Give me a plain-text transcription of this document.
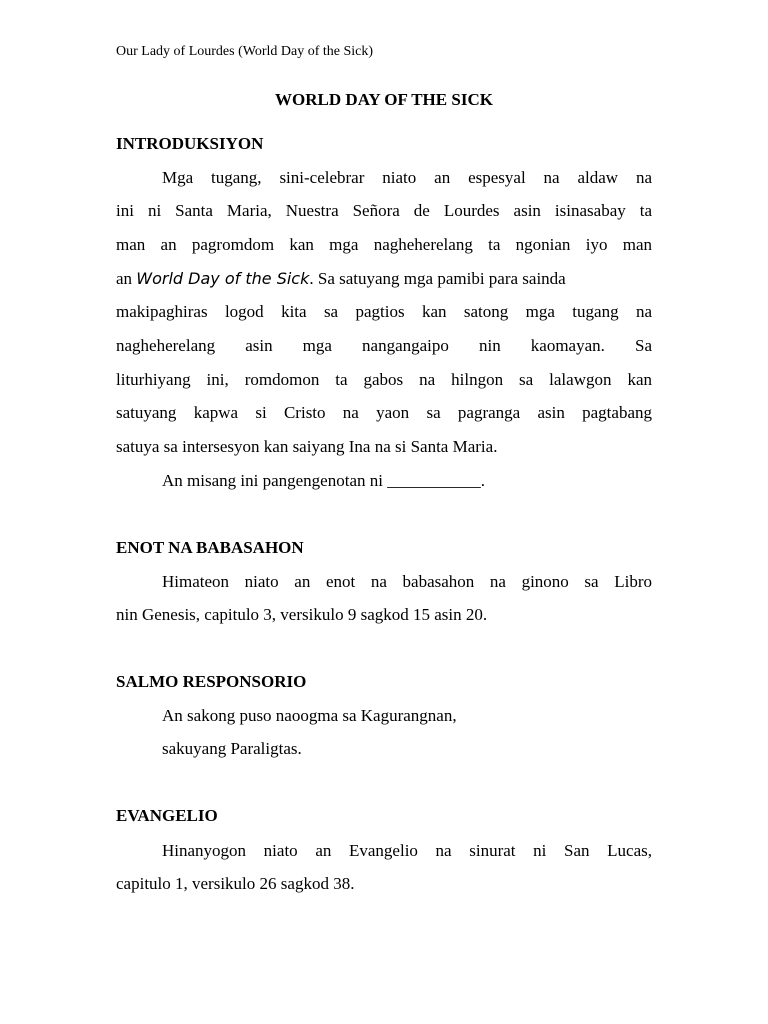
Our Lady of Lourdes (World Day of the Sick)
WORLD DAY OF THE SICK
INTRODUKSIYON
Mga tugang, sini-celebrar niato an espesyal na aldaw na
ini ni Santa Maria, Nuestra Señora de Lourdes asin isinasabay ta
man an pagromdom kan mga nagheherelang ta ngonian iyo man
an World Day of the Sick. Sa satuyang mga pamibi para sainda
makipaghiras logod kita sa pagtios kan satong mga tugang na
nagheherelang asin mga nangangaipo nin kaomayan. Sa
liturhiyang ini, romdomon ta gabos na hilngon sa lalawgon kan
satuyang kapwa si Cristo na yaon sa pagranga asin pagtabang
satuya sa intersesyon kan saiyang Ina na si Santa Maria.
An misang ini pangengenotan ni ___________.
ENOT NA BABASAHON
Himateon niato an enot na babasahon na ginono sa Libro
nin Genesis, capitulo 3, versikulo 9 sagkod 15 asin 20.
SALMO RESPONSORIO
An sakong puso naoogma sa Kagurangnan,
sakuyang Paraligtas.
EVANGELIO
Hinanyogon niato an Evangelio na sinurat ni San Lucas,
capitulo 1, versikulo 26 sagkod 38.
